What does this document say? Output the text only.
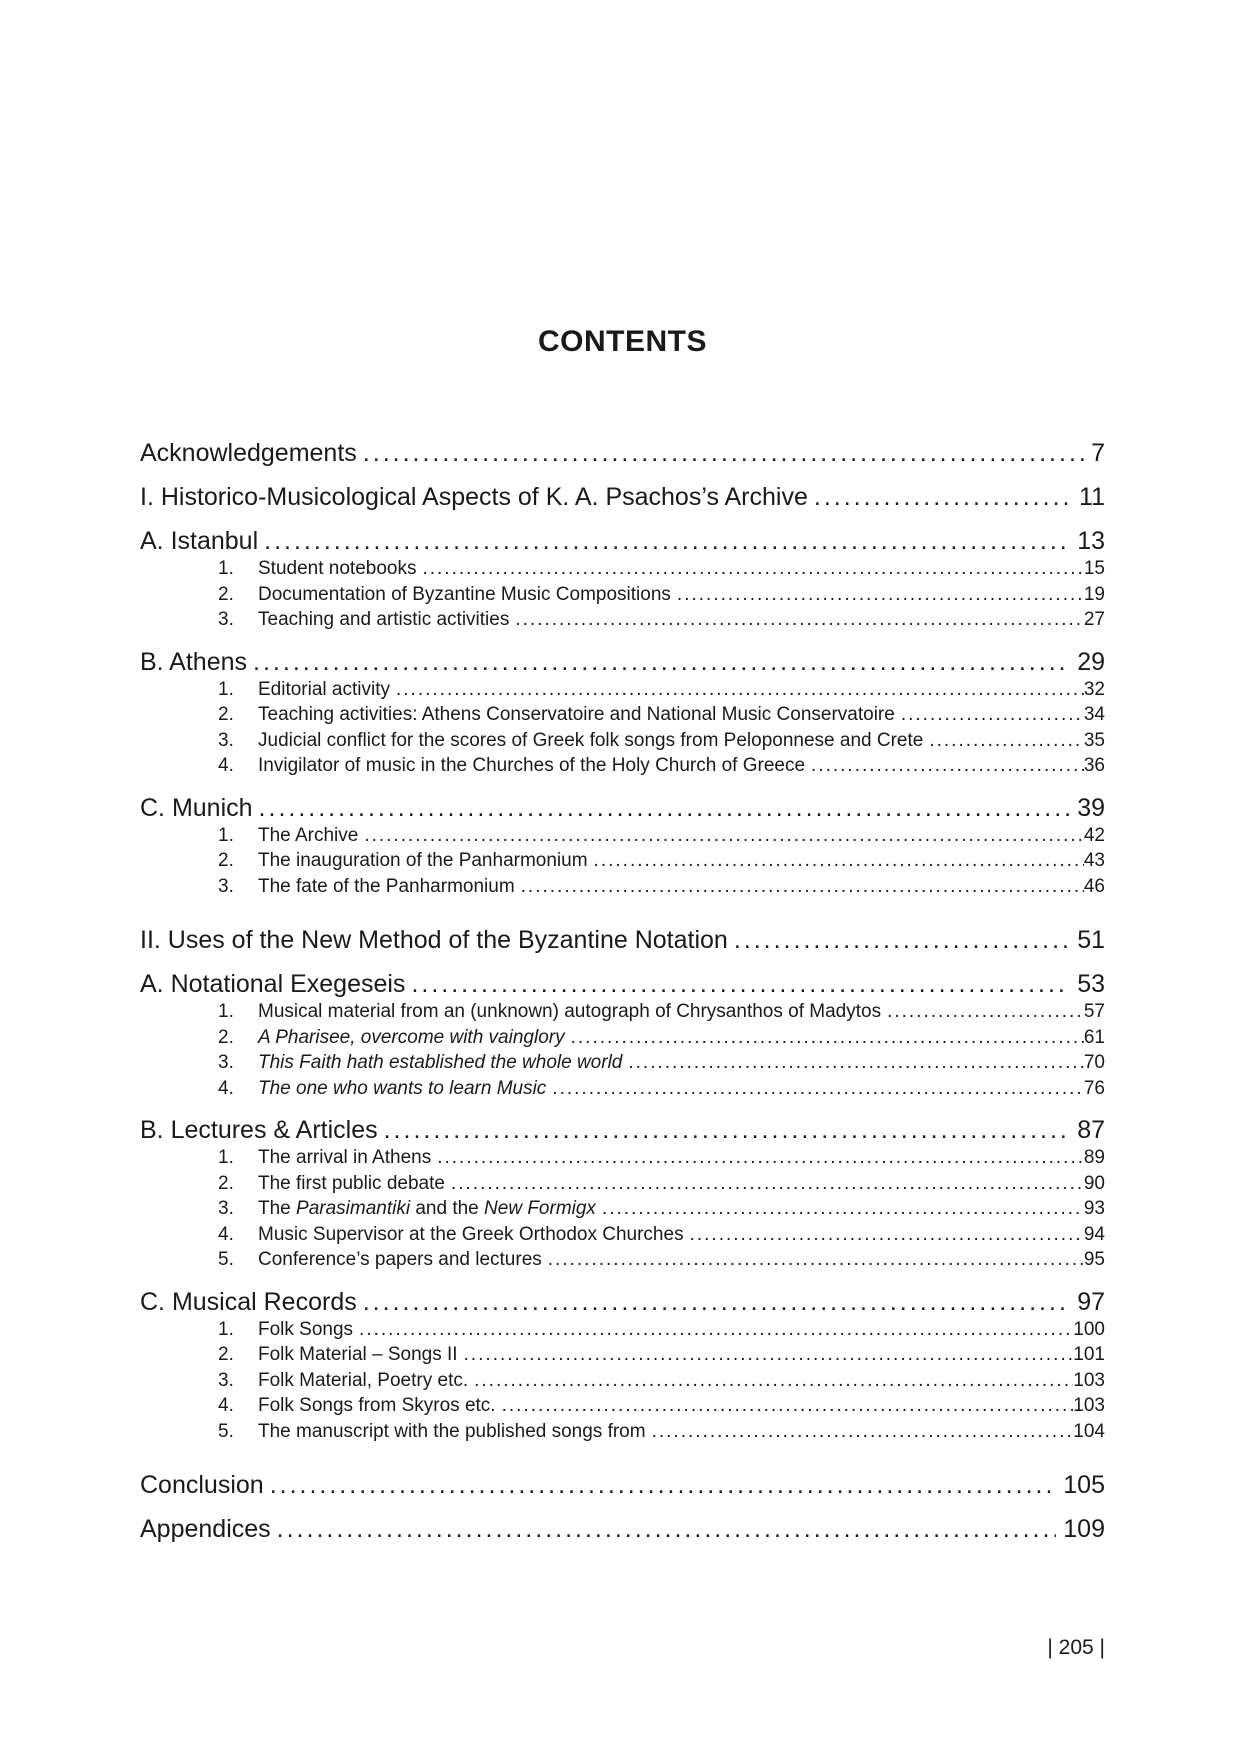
CONTENTS
Acknowledgements .....	7
I. Historico-Musicological Aspects of K. A. Psachos’s Archive .....	11
A. Istanbul .....	13
1.	Student notebooks .....	15
2.	Documentation of Byzantine Music Compositions .....	19
3.	Teaching and artistic activities .....	27
B. Athens .....	29
1.	Editorial activity .....	32
2.	Teaching activities: Athens Conservatoire and National Music Conservatoire .....	34
3.	Judicial conflict for the scores of Greek folk songs from Peloponnese and Crete .....	35
4.	Invigilator of music in the Churches of the Holy Church of Greece .....	36
C. Munich .....	39
1.	The Archive .....	42
2.	The inauguration of the Panharmonium .....	43
3.	The fate of the Panharmonium .....	46
II. Uses of the New Method of the Byzantine Notation .....	51
A. Notational Exegeseis .....	53
1.	Musical material from an (unknown) autograph of Chrysanthos of Madytos .....	57
2.	A Pharisee, overcome with vainglory .....	61
3.	This Faith hath established the whole world .....	70
4.	The one who wants to learn Music .....	76
B. Lectures & Articles .....	87
1.	The arrival in Athens .....	89
2.	The first public debate .....	90
3.	The Parasimantiki and the New Formigx .....	93
4.	Music Supervisor at the Greek Orthodox Churches .....	94
5.	Conference’s papers and lectures .....	95
C. Musical Records .....	97
1.	Folk Songs .....	100
2.	Folk Material – Songs II .....	101
3.	Folk Material, Poetry etc. .....	103
4.	Folk Songs from Skyros etc. .....	103
5.	The manuscript with the published songs from .....	104
Conclusion .....	105
Appendices .....	109
| 205 |
